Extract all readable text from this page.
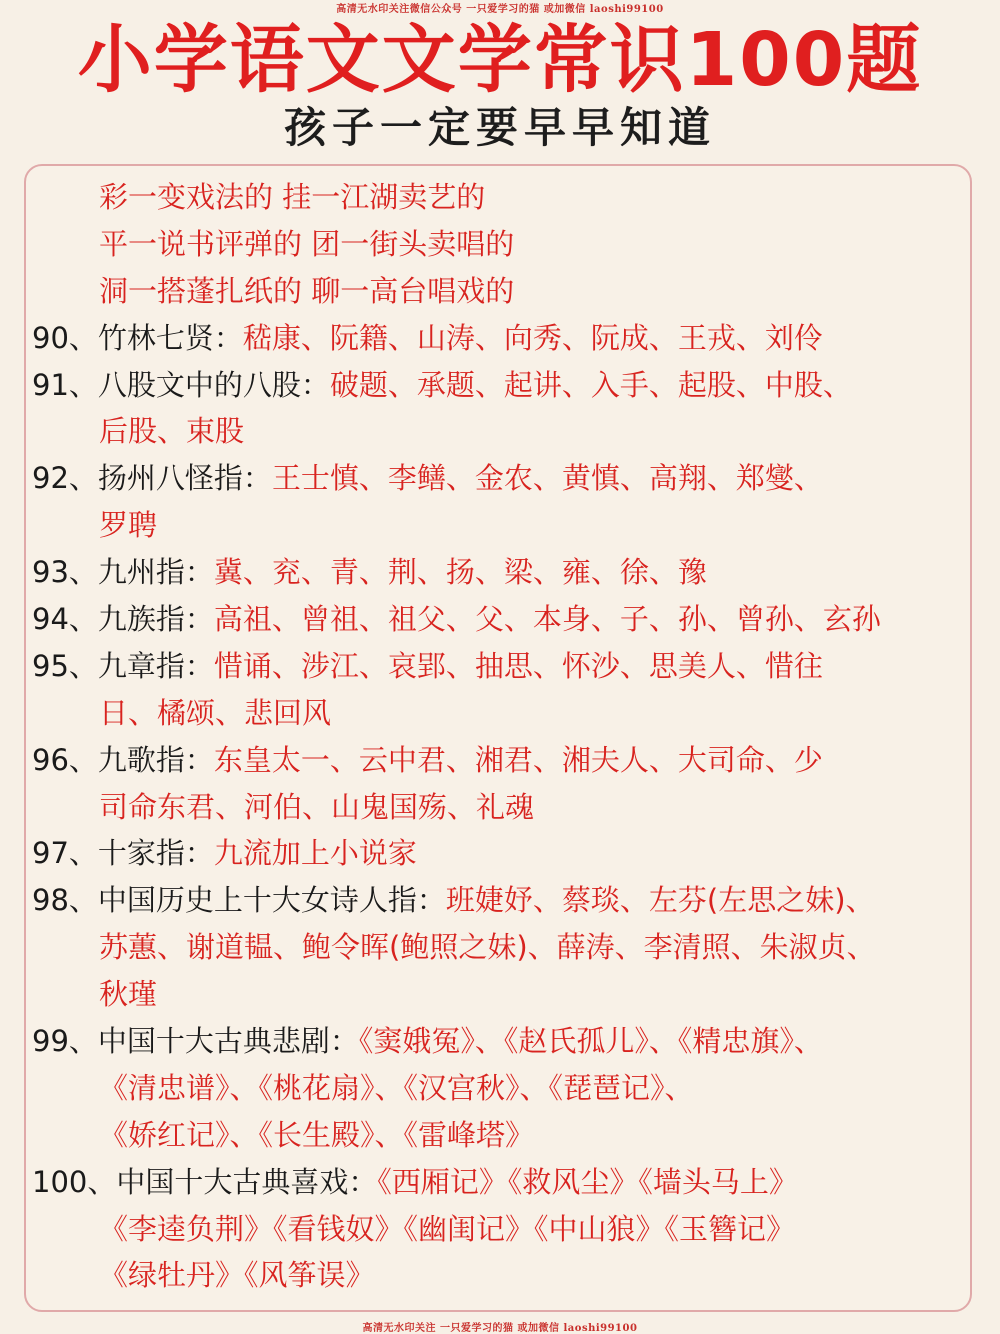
高清无水印关注微信公众号 一只爱学习的猫 或加微信 laoshi99100
小学语文文学常识100题
孩子一定要早早知道
彩一变戏法的 挂一江湖卖艺的
平一说书评弹的 团一街头卖唱的
洞一搭蓬扎纸的 聊一高台唱戏的
90、竹林七贤：嵇康、阮籍、山涛、向秀、阮成、王戎、刘伶
91、八股文中的八股：破题、承题、起讲、入手、起股、中股、
后股、束股
92、扬州八怪指：王士慎、李鳝、金农、黄慎、高翔、郑燮、
罗聘
93、九州指：冀、兖、青、荆、扬、梁、雍、徐、豫
94、九族指：高祖、曾祖、祖父、父、本身、子、孙、曾孙、玄孙
95、九章指：惜诵、涉江、哀郢、抽思、怀沙、思美人、惜往
日、橘颂、悲回风
96、九歌指：东皇太一、云中君、湘君、湘夫人、大司命、少
司命东君、河伯、山鬼国殇、礼魂
97、十家指：九流加上小说家
98、中国历史上十大女诗人指：班婕妤、蔡琰、左芬(左思之妹)、
苏蕙、谢道韫、鲍令晖(鲍照之妹)、薛涛、李清照、朱淑贞、
秋瑾
99、中国十大古典悲剧：《窦娥冤》、《赵氏孤儿》、《精忠旗》、
《清忠谱》、《桃花扇》、《汉宫秋》、《琵琶记》、
《娇红记》、《长生殿》、《雷峰塔》
100、中国十大古典喜戏：《西厢记》《救风尘》《墙头马上》
《李逵负荆》《看钱奴》《幽闺记》《中山狼》《玉簪记》
《绿牡丹》《风筝误》
高清无水印关注 一只爱学习的猫 或加微信 laoshi99100
